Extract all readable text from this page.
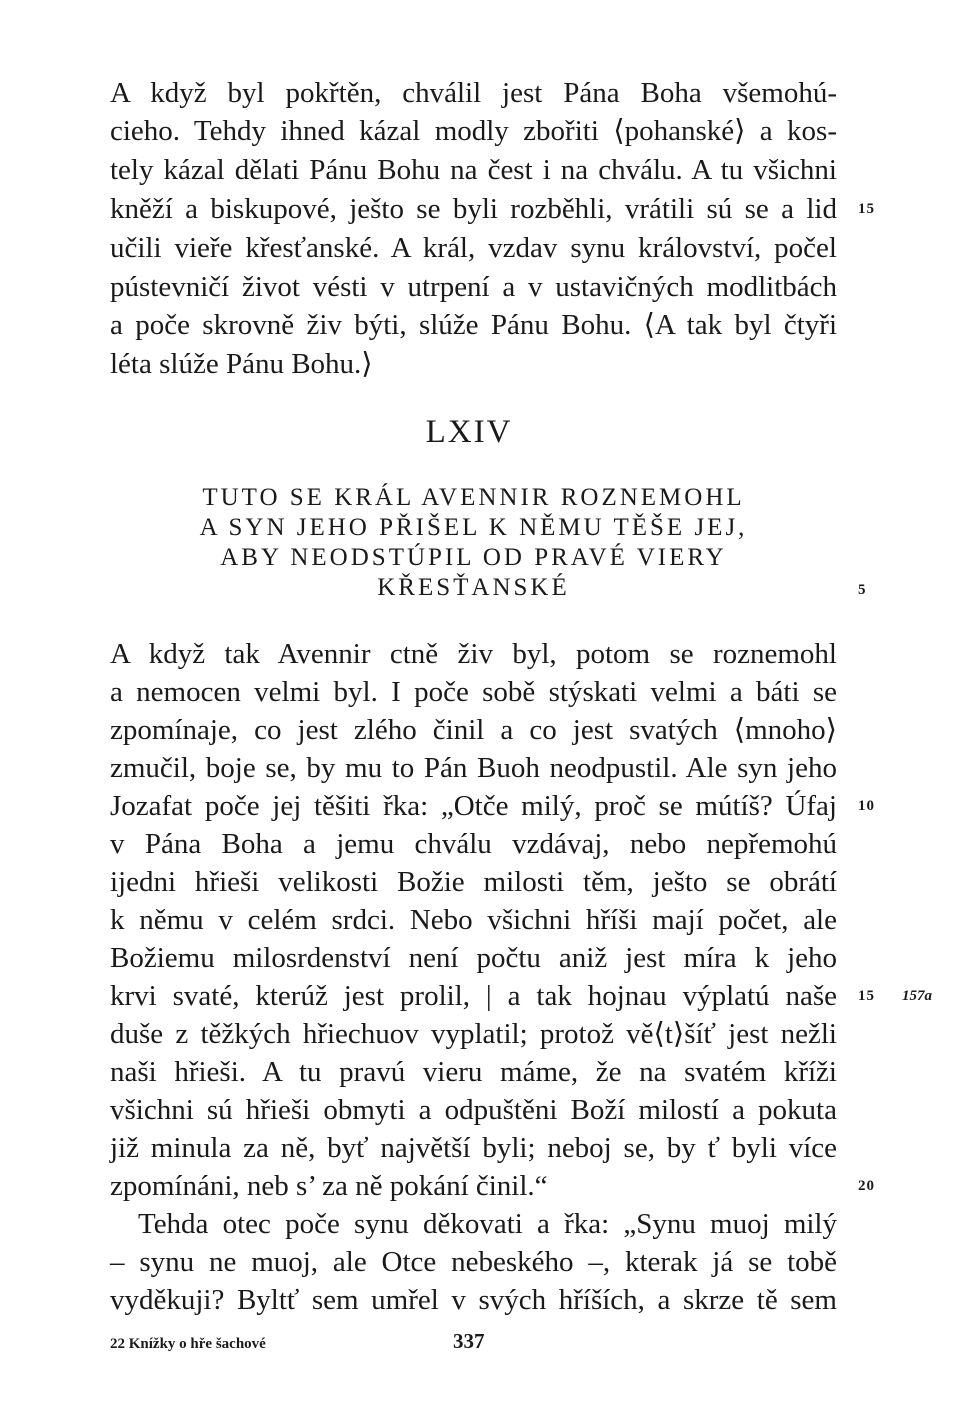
A když byl pokřtěn, chválil jest Pána Boha všemohú-
cieho. Tehdy ihned kázal modly zbořiti ⟨pohanské⟩ a kos-
tely kázal dělati Pánu Bohu na čest i na chválu. A tu všichni
kněží a biskupové, ješto se byli rozběhli, vrátili sú se a lid
učili vieře křesťanské. A král, vzdav synu království, počel
pústevničí život vésti v utrpení a v ustavičných modlitbách
a poče skrovně živ býti, slúže Pánu Bohu. ⟨A tak byl čtyři
léta slúže Pánu Bohu.⟩
15
LXIV
TUTO SE KRÁL AVENNIR ROZNEMOHL
A SYN JEHO PŘIŠEL K NĚMU TĚŠE JEJ,
ABY NEODSTÚPIL OD PRAVÉ VIERY
KŘESŤANSKÉ	5
A když tak Avennir ctně živ byl, potom se roznemohl
a nemocen velmi byl. I poče sobě stýskati velmi a báti se
zpomínaje, co jest zlého činil a co jest svatých ⟨mnoho⟩
zmučil, boje se, by mu to Pán Buoh neodpustil. Ale syn jeho
Jozafat poče jej těšiti řka: „Otče milý, proč se mútíš? Úfaj
v Pána Boha a jemu chválu vzdávaj, nebo nepřemohú
ijedni hřieši velikosti Božie milosti těm, ješto se obrátí
k němu v celém srdci. Nebo všichni hříši mají počet, ale
Božiemu milosrdenství není počtu aniž jest míra k jeho
krvi svaté, kterúž jest prolil, | a tak hojnau výplatú naše
duše z těžkých hřiechuov vyplatil; protož vě⟨t⟩šíť jest nežli
naši hřieši. A tu pravú vieru máme, že na svatém kříži
všichni sú hřieši obmyti a odpuštěni Boží milostí a pokuta
již minula za ně, byť najvětší byli; neboj se, by ť byli více
zpomínáni, neb s’ za ně pokání činil.“
Tehda otec poče synu děkovati a řka: „Synu muoj milý
– synu ne muoj, ale Otce nebeského –, kterak já se tobě
vyděkuji? Byltť sem umřel v svých hříších, a skrze tě sem
10
15 157a
20
22 Knížky o hře šachové	337
